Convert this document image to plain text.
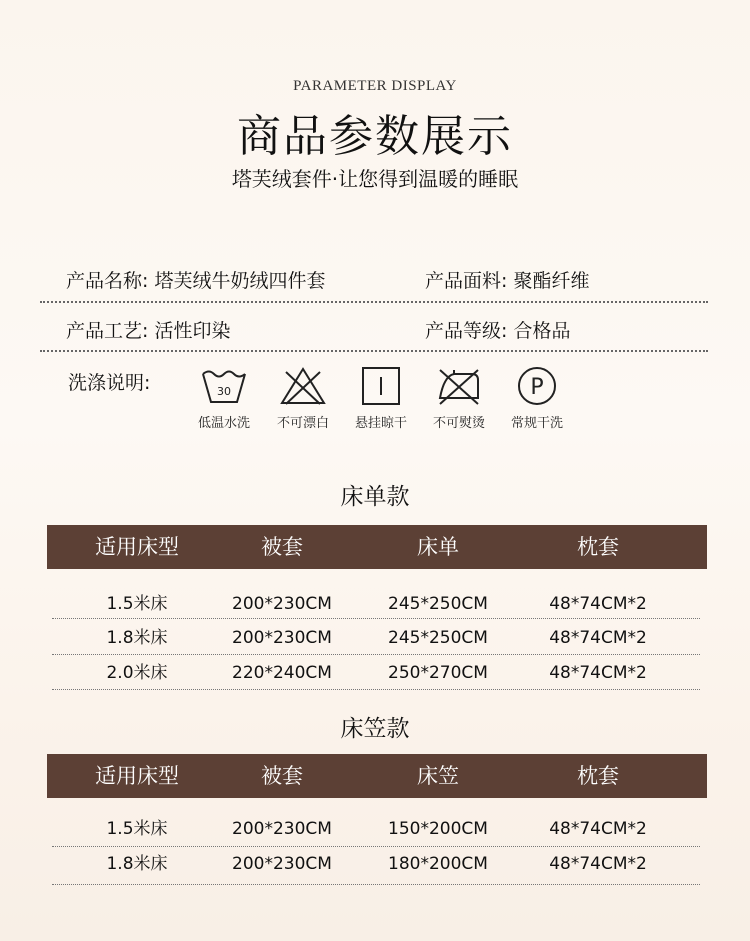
PARAMETER DISPLAY
商品参数展示
塔芙绒套件·让您得到温暖的睡眠
产品名称: 塔芙绒牛奶绒四件套	产品面料: 聚酯纤维
产品工艺: 活性印染	产品等级: 合格品
洗涤说明:	30
低温水洗	不可漂白	悬挂晾干	不可熨烫
P
常规干洗
床单款
适用床型	被套	床单	枕套
1.5米床	200*230CM	245*250CM	48*74CM*2
1.8米床	200*230CM	245*250CM	48*74CM*2
2.0米床	220*240CM	250*270CM	48*74CM*2
床笠款
适用床型	被套	床笠	枕套
1.5米床	200*230CM	150*200CM	48*74CM*2
1.8米床	200*230CM	180*200CM	48*74CM*2
